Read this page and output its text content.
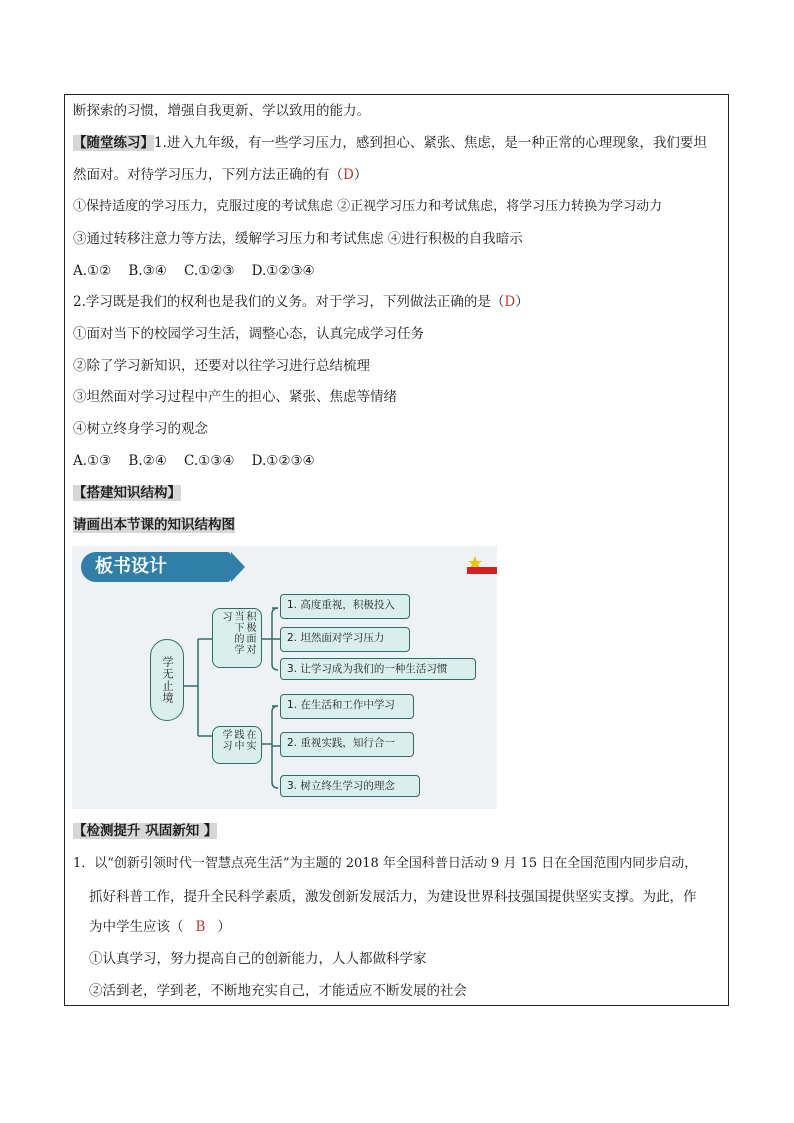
断探索的习惯，增强自我更新、学以致用的能力。
【随堂练习】1.进入九年级，有一些学习压力，感到担心、紧张、焦虑，是一种正常的心理现象，我们要坦
然面对。对待学习压力，下列方法正确的有（D）
①保持适度的学习压力，克服过度的考试焦虑 ②正视学习压力和考试焦虑，将学习压力转换为学习动力
③通过转移注意力等方法，缓解学习压力和考试焦虑 ④进行积极的自我暗示
A.①②    B.③④    C.①②③    D.①②③④
2.学习既是我们的权利也是我们的义务。对于学习，下列做法正确的是（D）
①面对当下的校园学习生活，调整心态，认真完成学习任务
②除了学习新知识，还要对以往学习进行总结梳理
③坦然面对学习过程中产生的担心、紧张、焦虑等情绪
④树立终身学习的观念
A.①③    B.②④    C.①③④    D.①②③④
【搭建知识结构】
请画出本节课的知识结构图
板书设计
学无止境
积极面对当下的学习
在实践中学习
1. 高度重视，积极投入
2. 坦然面对学习压力
3. 让学习成为我们的一种生活习惯
1. 在生活和工作中学习
2. 重视实践，知行合一
3. 树立终生学习的理念
【检测提升 巩固新知 】
1．以“创新引领时代一智慧点亮生活”为主题的 2018 年全国科普日活动 9 月 15 日在全国范围内同步启动，
抓好科普工作，提升全民科学素质，激发创新发展活力，为建设世界科技强国提供坚实支撑。为此，作
为中学生应该（ B ）
①认真学习，努力提高自己的创新能力，人人都做科学家
②活到老，学到老，不断地充实自己，才能适应不断发展的社会
